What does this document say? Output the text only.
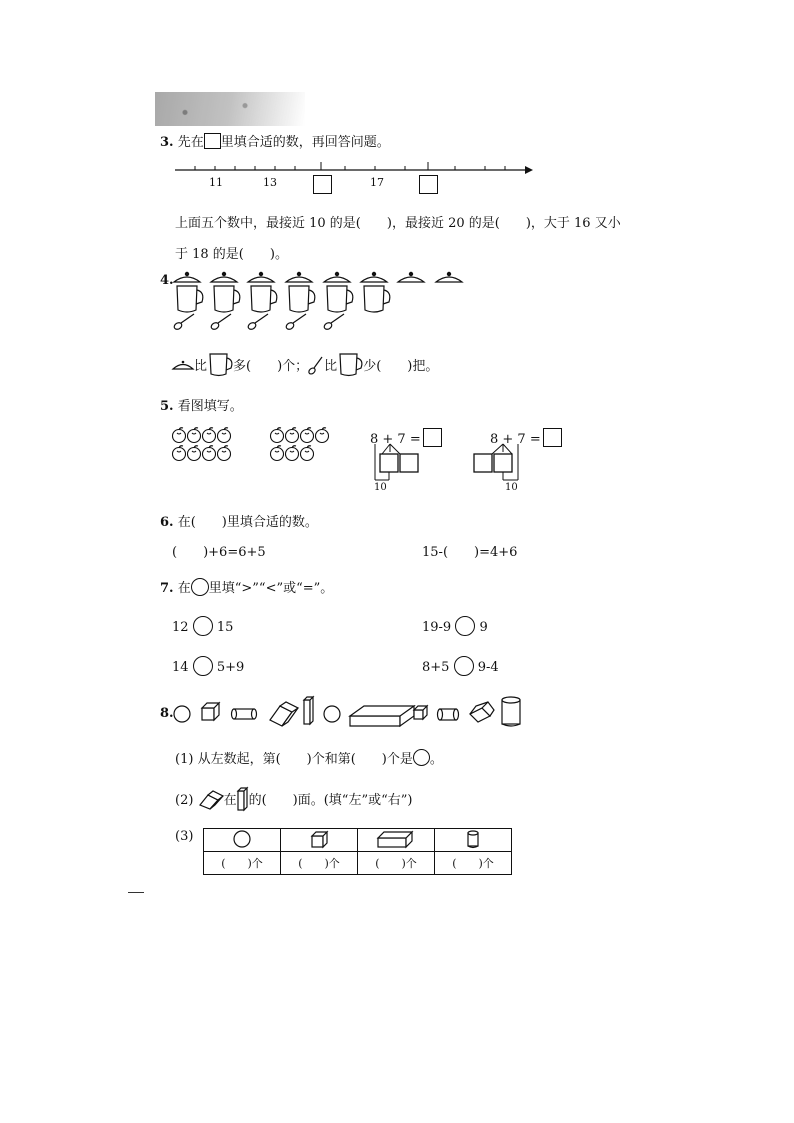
3. 先在 里填合适的数，再回答问题。
11	13	17
上面五个数中，最接近 10 的是(　　)，最接近 20 的是(　　)，大于 16 又小
于 18 的是(　　)。
4.
比 多(　　)个； 比 少(　　)把。
5. 看图填写。
8 + 7 =
10
8 + 7 =
10
6. 在(　　)里填合适的数。
(　　)+6=6+5	15-(　　)=4+6
7. 在 里填“>”“<”或“=”。
12 15	19-9 9
14 5+9	8+5 9-4
8.
(1) 从左数起，第(　　)个和第(　　)个是 。
(2) 在 的(　　)面。(填“左”或“右”)
(3)

(　　)个	(　　)个	(　　)个	(　　)个
